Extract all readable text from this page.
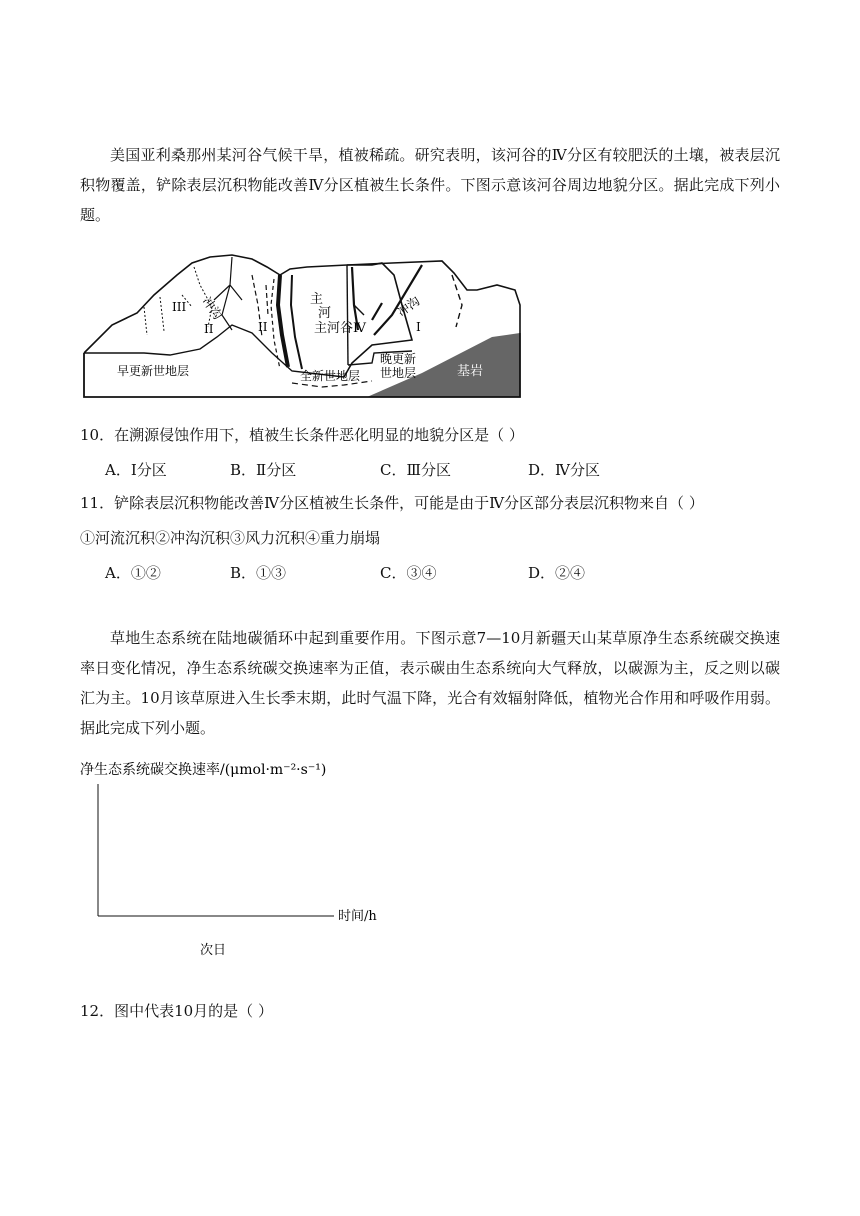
美国亚利桑那州某河谷气候干旱，植被稀疏。研究表明，该河谷的Ⅳ分区有较肥沃的土壤，被表层沉积物覆盖，铲除表层沉积物能改善Ⅳ分区植被生长条件。下图示意该河谷周边地貌分区。据此完成下列小题。
III
II
冲沟
II
主
河
主河谷Ⅳ
冲沟
I
早更新世地层	全新世地层
晚更新
世地层	基岩
10．在溯源侵蚀作用下，植被生长条件恶化明显的地貌分区是（ ）
A．Ⅰ分区	B．Ⅱ分区	C．Ⅲ分区	D．Ⅳ分区
11．铲除表层沉积物能改善Ⅳ分区植被生长条件，可能是由于Ⅳ分区部分表层沉积物来自（ ）
①河流沉积②冲沟沉积③风力沉积④重力崩塌
A．①②	B．①③	C．③④	D．②④
草地生态系统在陆地碳循环中起到重要作用。下图示意7—10月新疆天山某草原净生态系统碳交换速率日变化情况，净生态系统碳交换速率为正值，表示碳由生态系统向大气释放，以碳源为主，反之则以碳汇为主。10月该草原进入生长季末期，此时气温下降，光合有效辐射降低，植物光合作用和呼吸作用弱。据此完成下列小题。
净生态系统碳交换速率/(μmol·m⁻²·s⁻¹)
时间/h
次日
12．图中代表10月的是（ ）
